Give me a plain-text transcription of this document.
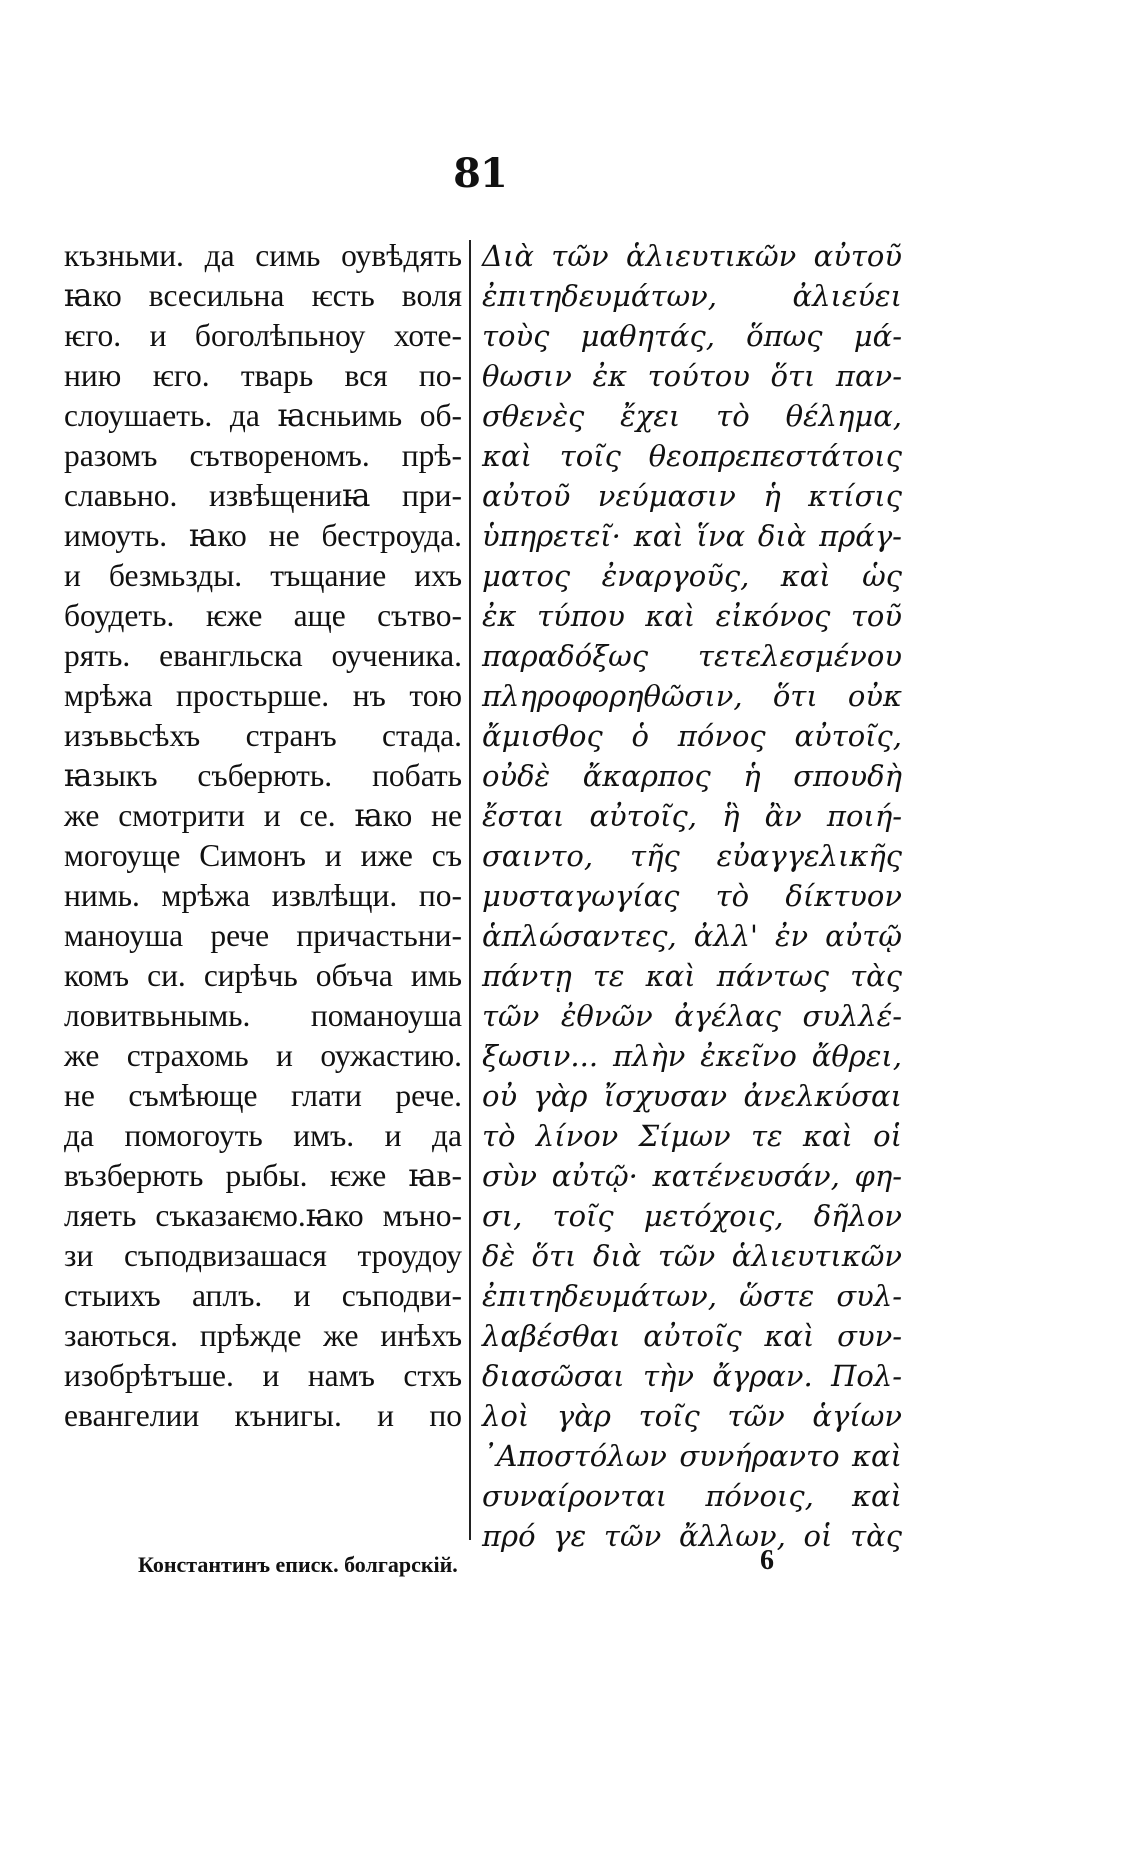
81
къзньми. да симь оувѣдять
ꙗко всесильна ѥсть воля
ѥго. и боголѣпьноу хоте-
нию ѥго. тварь вся по-
слоушаеть. да ꙗсньимь об-
разомъ сътвореномъ. прѣ-
славьно. извѣщениꙗ при-
имоуть. ꙗко не бестроуда.
и безмьзды. тъщание ихъ
боудеть. ѥже аще сътво-
рять. евангльска оученика.
мрѣжа простьрше. нъ тою
изъвьсѣхъ странъ стада.
ꙗзыкъ съберють. побать
же смотрити и се. ꙗко не
могоуще Симонъ и иже съ
нимь. мрѣжа извлѣщи. по-
маноуша рече причастьни-
комъ си. сирѣчь объча имь
ловитвьнымь. поманоуша
же страхомь и оужастию.
не съмѣюще глати рече.
да помогоуть имъ. и да
възберють рыбы. ѥже ꙗв-
ляеть съказаѥмо.ꙗко мъно-
зи съподвизашася троудоу
стыихъ аплъ. и съподви-
заються. прѣжде же инѣхъ
изобрѣтъше. и намъ стхъ
евангелии кънигы. и по
Διὰ τῶν ἁλιευτικῶν αὐτοῦ
ἐπιτηδευμάτων, ἀλιεύει
τοὺς μαθητάς, ὅπως μά-
θωσιν ἐκ τούτου ὅτι παν-
σθενὲς ἔχει τὸ θέλημα,
καὶ τοῖς θεοπρεπεστάτοις
αὐτοῦ νεύμασιν ἡ κτίσις
ὑπηρετεῖ· καὶ ἵνα διὰ πράγ-
ματος ἐναργοῦς, καὶ ὡς
ἐκ τύπου καὶ εἰκόνος τοῦ
παραδόξως τετελεσμένου
πληροφορηθῶσιν, ὅτι οὐκ
ἄμισθος ὁ πόνος αὐτοῖς,
οὐδὲ ἄκαρπος ἡ σπουδὴ
ἔσται αὐτοῖς, ἣ ἂν ποιή-
σαιντο, τῆς εὐαγγελικῆς
μυσταγωγίας τὸ δίκτυον
ἁπλώσαντες, ἀλλ' ἐν αὐτῷ
πάντῃ τε καὶ πάντως τὰς
τῶν ἐθνῶν ἀγέλας συλλέ-
ξωσιν... πλὴν ἐκεῖνο ἄθρει,
οὐ γὰρ ἴσχυσαν ἀνελκύσαι
τὸ λίνον Σίμων τε καὶ οἱ
σὺν αὐτῷ· κατένευσάν, φη-
σι, τοῖς μετόχοις, δῆλον
δὲ ὅτι διὰ τῶν ἁλιευτικῶν
ἐπιτηδευμάτων, ὥστε συλ-
λαβέσθαι αὐτοῖς καὶ συν-
διασῶσαι τὴν ἄγραν. Πολ-
λοὶ γὰρ τοῖς τῶν ἁγίων
᾿Αποστόλων συνήραντο καὶ
συναίρονται πόνοις, καὶ
πρό γε τῶν ἄλλων, οἱ τὰς
Константинъ еписк. болгарскій.	6
